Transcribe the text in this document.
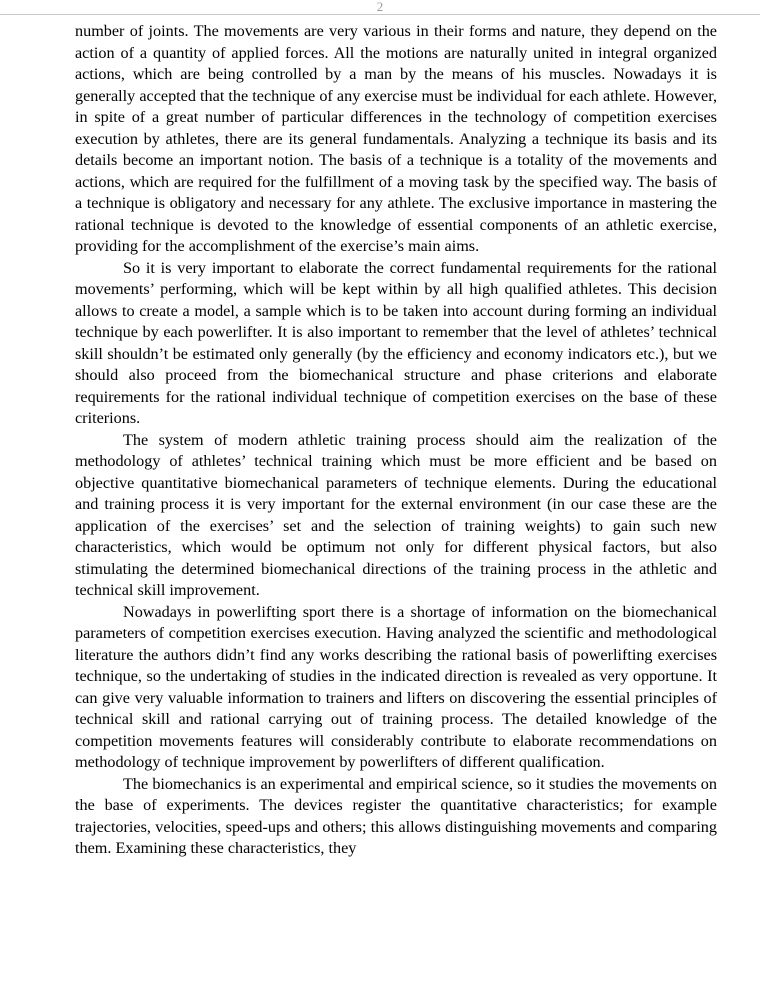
2

number of joints. The movements are very various in their forms and nature, they depend on the action of a quantity of applied forces. All the motions are naturally united in integral organized actions, which are being controlled by a man by the means of his muscles. Nowadays it is generally accepted that the technique of any exercise must be individual for each athlete. However, in spite of a great number of particular differences in the technology of competition exercises execution by athletes, there are its general fundamentals. Analyzing a technique its basis and its details become an important notion. The basis of a technique is a totality of the movements and actions, which are required for the fulfillment of a moving task by the specified way. The basis of a technique is obligatory and necessary for any athlete. The exclusive importance in mastering the rational technique is devoted to the knowledge of essential components of an athletic exercise, providing for the accomplishment of the exercise’s main aims.

So it is very important to elaborate the correct fundamental requirements for the rational movements’ performing, which will be kept within by all high qualified athletes. This decision allows to create a model, a sample which is to be taken into account during forming an individual technique by each powerlifter. It is also important to remember that the level of athletes’ technical skill shouldn’t be estimated only generally (by the efficiency and economy indicators etc.), but we should also proceed from the biomechanical structure and phase criterions and elaborate requirements for the rational individual technique of competition exercises on the base of these criterions.

The system of modern athletic training process should aim the realization of the methodology of athletes’ technical training which must be more efficient and be based on objective quantitative biomechanical parameters of technique elements. During the educational and training process it is very important for the external environment (in our case these are the application of the exercises’ set and the selection of training weights) to gain such new characteristics, which would be optimum not only for different physical factors, but also stimulating the determined biomechanical directions of the training process in the athletic and technical skill improvement.

Nowadays in powerlifting sport there is a shortage of information on the biomechanical parameters of competition exercises execution. Having analyzed the scientific and methodological literature the authors didn’t find any works describing the rational basis of powerlifting exercises technique, so the undertaking of studies in the indicated direction is revealed as very opportune. It can give very valuable information to trainers and lifters on discovering the essential principles of technical skill and rational carrying out of training process. The detailed knowledge of the competition movements features will considerably contribute to elaborate recommendations on methodology of technique improvement by powerlifters of different qualification.

The biomechanics is an experimental and empirical science, so it studies the movements on the base of experiments. The devices register the quantitative characteristics; for example trajectories, velocities, speed-ups and others; this allows distinguishing movements and comparing them. Examining these characteristics, they
